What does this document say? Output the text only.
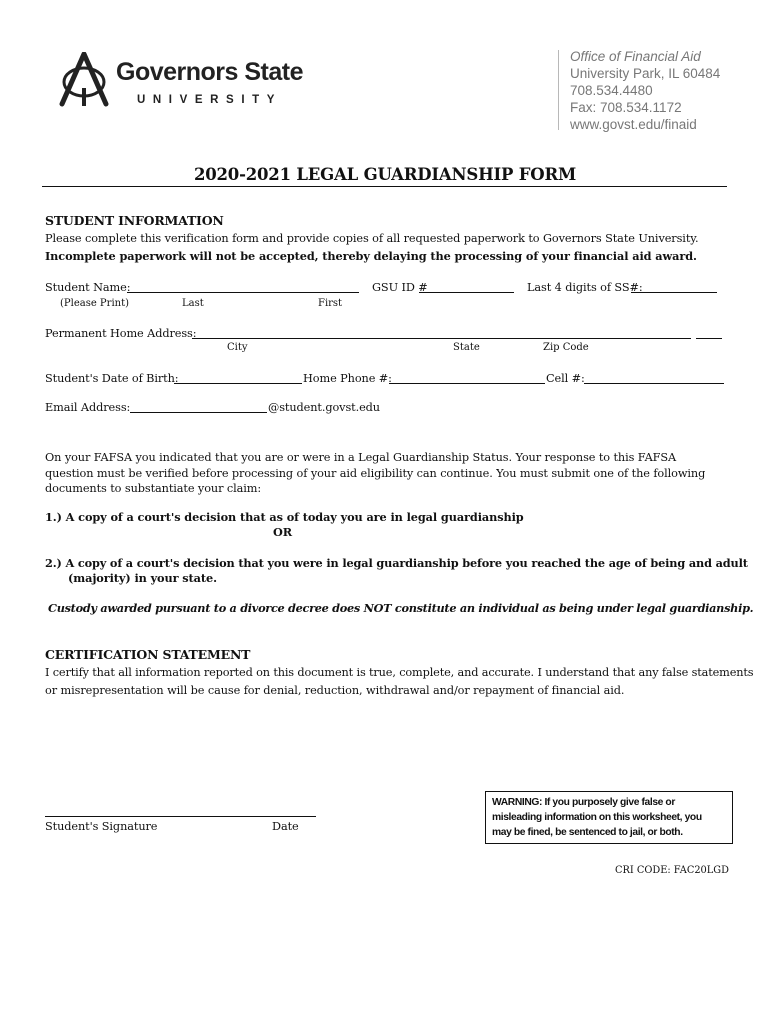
Governors State
UNIVERSITY
Office of Financial Aid
University Park, IL 60484
708.534.4480
Fax: 708.534.1172
www.govst.edu/finaid
2020-2021 LEGAL GUARDIANSHIP FORM
STUDENT INFORMATION
Please complete this verification form and provide copies of all requested paperwork to Governors State University.
Incomplete paperwork will not be accepted, thereby delaying the processing of your financial aid award.
Student Name:	GSU ID #	Last 4 digits of SS#:
(Please Print)	Last	First
Permanent Home Address:
City	State	Zip Code
Student's Date of Birth:	Home Phone #:	Cell #:
Email Address:	@student.govst.edu
On your FAFSA you indicated that you are or were in a Legal Guardianship Status. Your response to this FAFSA question must be verified before processing of your aid eligibility can continue. You must submit one of the following documents to substantiate your claim:
1.) A copy of a court's decision that as of today you are in legal guardianship
OR
2.) A copy of a court's decision that you were in legal guardianship before you reached the age of being and adult
(majority) in your state.
Custody awarded pursuant to a divorce decree does NOT constitute an individual as being under legal guardianship.
CERTIFICATION STATEMENT
I certify that all information reported on this document is true, complete, and accurate. I understand that any false statements
or misrepresentation will be cause for denial, reduction, withdrawal and/or repayment of financial aid.
Student's Signature	Date
WARNING: If you purposely give false or
misleading information on this worksheet, you
may be fined, be sentenced to jail, or both.
CRI CODE: FAC20LGD
